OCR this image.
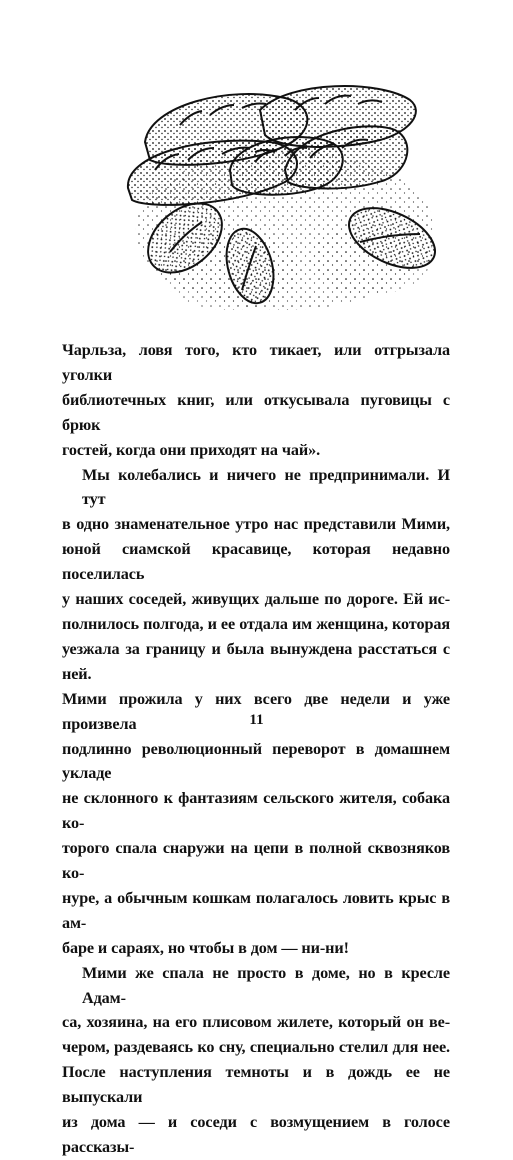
Чарльза, ловя того, кто тикает, или отгрызала уголки
библиотечных книг, или откусывала пуговицы с брюк
гостей, когда они приходят на чай».
Мы колебались и ничего не предпринимали. И тут
в одно знаменательное утро нас представили Мими,
юной сиамской красавице, которая недавно поселилась
у наших соседей, живущих дальше по дороге. Ей ис-
полнилось полгода, и ее отдала им женщина, которая
уезжала за границу и была вынуждена расстаться с ней.
Мими прожила у них всего две недели и уже произвела
подлинно революционный переворот в домашнем укладе
не склонного к фантазиям сельского жителя, собака ко-
торого спала снаружи на цепи в полной сквозняков ко-
нуре, а обычным кошкам полагалось ловить крыс в ам-
баре и сараях, но чтобы в дом — ни-ни!
Мими же спала не просто в доме, но в кресле Адам-
са, хозяина, на его плисовом жилете, который он ве-
чером, раздеваясь ко сну, специально стелил для нее.
После наступления темноты и в дождь ее не выпускали
из дома — и соседи с возмущением в голосе рассказы-
11
